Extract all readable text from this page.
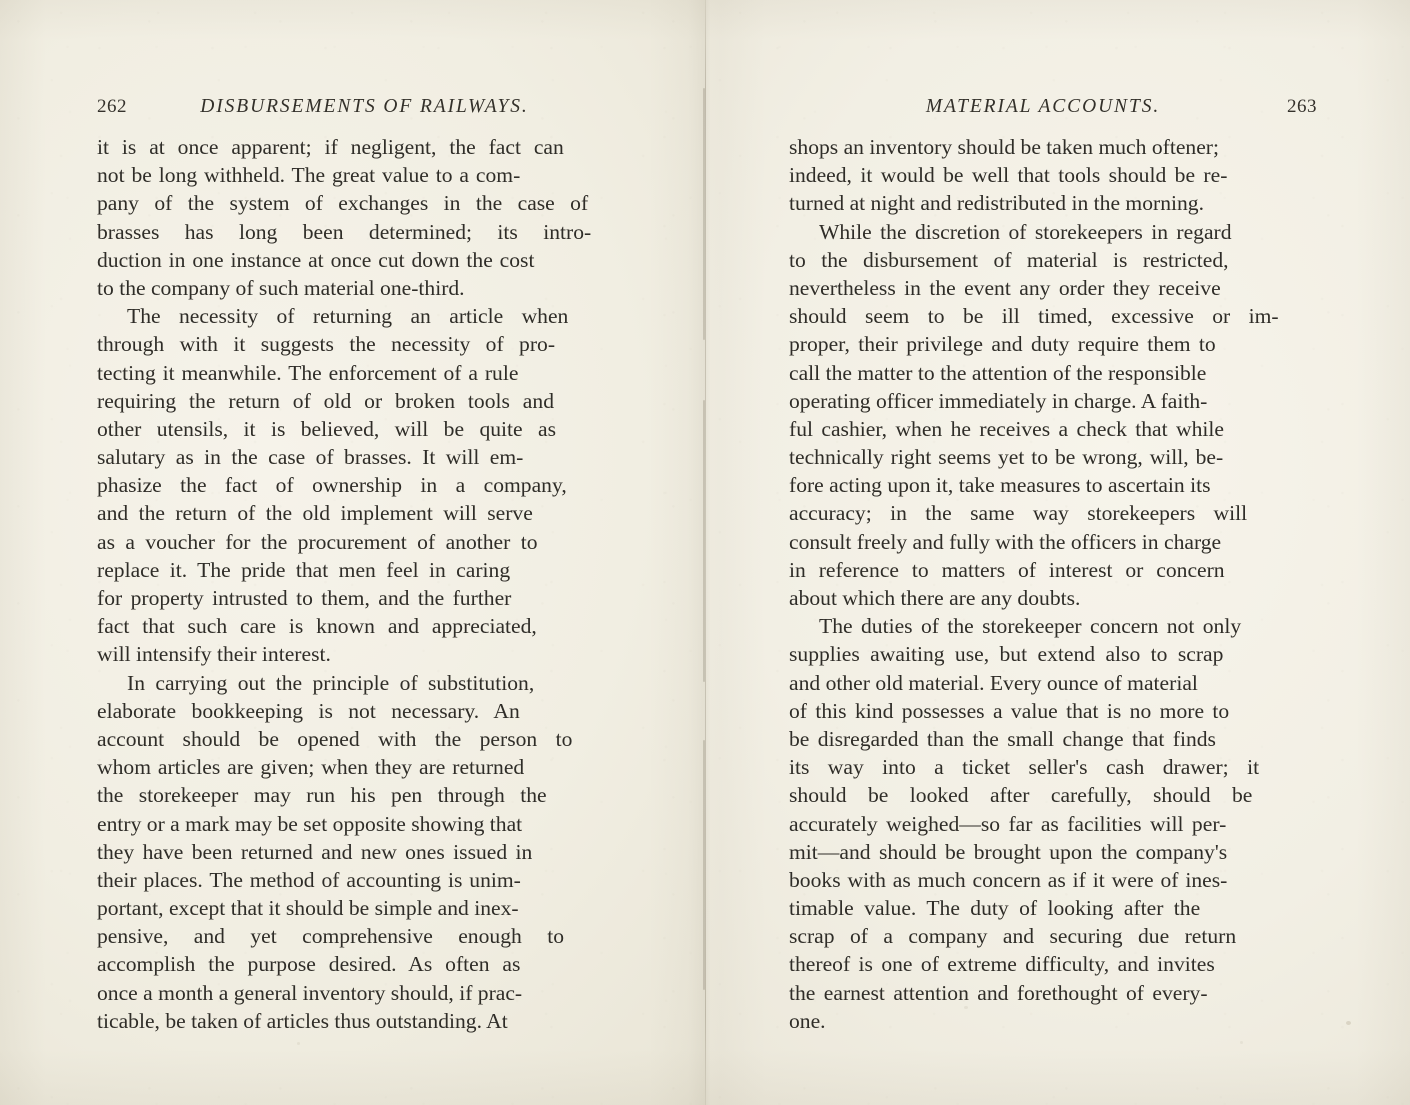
262	DISBURSEMENTS OF RAILWAYS.
it is at once apparent; if negligent, the fact can
not be long withheld. The great value to a com-
pany of the system of exchanges in the case of
brasses has long been determined; its intro-
duction in one instance at once cut down the cost
to the company of such material one-third.
The necessity of returning an article when
through with it suggests the necessity of pro-
tecting it meanwhile. The enforcement of a rule
requiring the return of old or broken tools and
other utensils, it is believed, will be quite as
salutary as in the case of brasses. It will em-
phasize the fact of ownership in a company,
and the return of the old implement will serve
as a voucher for the procurement of another to
replace it. The pride that men feel in caring
for property intrusted to them, and the further
fact that such care is known and appreciated,
will intensify their interest.
In carrying out the principle of substitution,
elaborate bookkeeping is not necessary. An
account should be opened with the person to
whom articles are given; when they are returned
the storekeeper may run his pen through the
entry or a mark may be set opposite showing that
they have been returned and new ones issued in
their places. The method of accounting is unim-
portant, except that it should be simple and inex-
pensive, and yet comprehensive enough to
accomplish the purpose desired. As often as
once a month a general inventory should, if prac-
ticable, be taken of articles thus outstanding. At
MATERIAL ACCOUNTS.	263
shops an inventory should be taken much oftener;
indeed, it would be well that tools should be re-
turned at night and redistributed in the morning.
While the discretion of storekeepers in regard
to the disbursement of material is restricted,
nevertheless in the event any order they receive
should seem to be ill timed, excessive or im-
proper, their privilege and duty require them to
call the matter to the attention of the responsible
operating officer immediately in charge. A faith-
ful cashier, when he receives a check that while
technically right seems yet to be wrong, will, be-
fore acting upon it, take measures to ascertain its
accuracy; in the same way storekeepers will
consult freely and fully with the officers in charge
in reference to matters of interest or concern
about which there are any doubts.
The duties of the storekeeper concern not only
supplies awaiting use, but extend also to scrap
and other old material. Every ounce of material
of this kind possesses a value that is no more to
be disregarded than the small change that finds
its way into a ticket seller's cash drawer; it
should be looked after carefully, should be
accurately weighed—so far as facilities will per-
mit—and should be brought upon the company's
books with as much concern as if it were of ines-
timable value. The duty of looking after the
scrap of a company and securing due return
thereof is one of extreme difficulty, and invites
the earnest attention and forethought of every-
one.
